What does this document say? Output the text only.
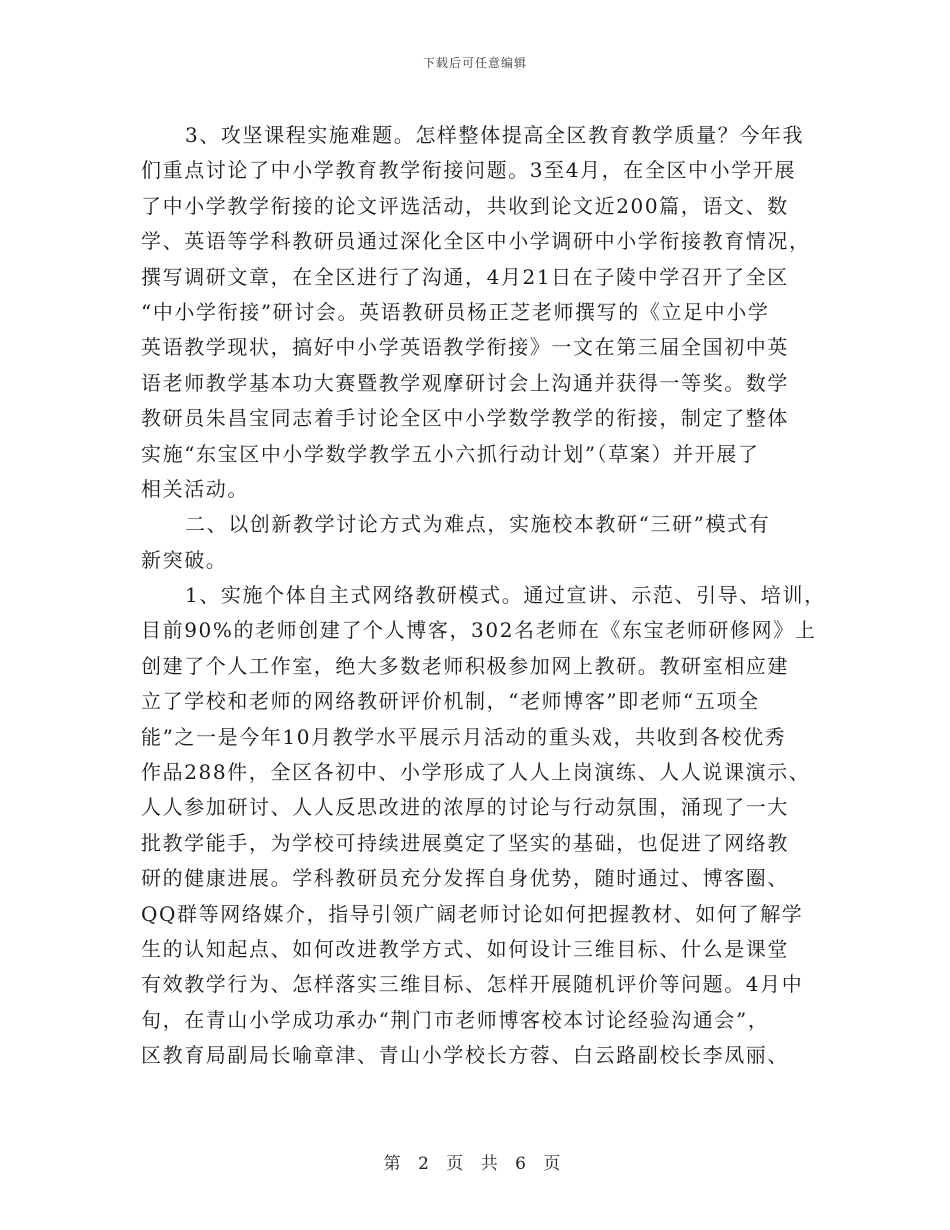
下载后可任意编辑
3、攻坚课程实施难题。怎样整体提高全区教育教学质量？今年我
们重点讨论了中小学教育教学衔接问题。3至4月，在全区中小学开展
了中小学教学衔接的论文评选活动，共收到论文近200篇，语文、数
学、英语等学科教研员通过深化全区中小学调研中小学衔接教育情况，
撰写调研文章，在全区进行了沟通，4月21日在子陵中学召开了全区
“中小学衔接”研讨会。英语教研员杨正芝老师撰写的《立足中小学
英语教学现状，搞好中小学英语教学衔接》一文在第三届全国初中英
语老师教学基本功大赛暨教学观摩研讨会上沟通并获得一等奖。数学
教研员朱昌宝同志着手讨论全区中小学数学教学的衔接，制定了整体
实施“东宝区中小学数学教学五小六抓行动计划”（草案）并开展了
相关活动。
二、以创新教学讨论方式为难点，实施校本教研“三研”模式有
新突破。
1、实施个体自主式网络教研模式。通过宣讲、示范、引导、培训，
目前90%的老师创建了个人博客，302名老师在《东宝老师研修网》上
创建了个人工作室，绝大多数老师积极参加网上教研。教研室相应建
立了学校和老师的网络教研评价机制，“老师博客”即老师“五项全
能”之一是今年10月教学水平展示月活动的重头戏，共收到各校优秀
作品288件，全区各初中、小学形成了人人上岗演练、人人说课演示、
人人参加研讨、人人反思改进的浓厚的讨论与行动氛围，涌现了一大
批教学能手，为学校可持续进展奠定了坚实的基础，也促进了网络教
研的健康进展。学科教研员充分发挥自身优势，随时通过、博客圈、
QQ群等网络媒介，指导引领广阔老师讨论如何把握教材、如何了解学
生的认知起点、如何改进教学方式、如何设计三维目标、什么是课堂
有效教学行为、怎样落实三维目标、怎样开展随机评价等问题。4月中
旬，在青山小学成功承办“荆门市老师博客校本讨论经验沟通会”，
区教育局副局长喻章津、青山小学校长方蓉、白云路副校长李凤丽、
第 2 页 共 6 页
